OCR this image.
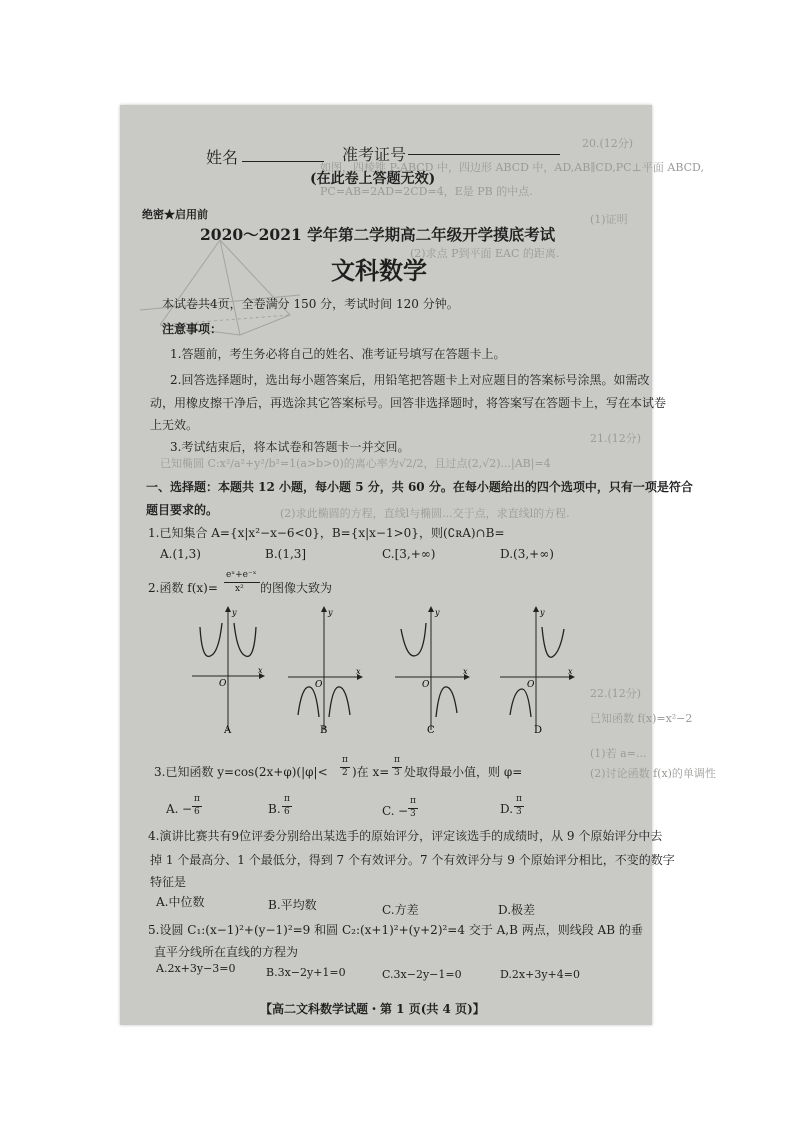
20.(12分)
如图，四棱锥 P-ABCD 中，四边形 ABCD 中，AD,AB∥CD,PC⊥平面 ABCD,
PC=AB=2AD=2CD=4，E是 PB 的中点.
(1)证明
(2)求点 P到平面 EAC 的距离.
21.(12分)
已知椭圆 C:x²/a²+y²/b²=1(a>b>0)的离心率为√2/2，且过点(2,√2)...|AB|=4
(2)求此椭圆的方程，直线l与椭圆...交于点，求直线l的方程.
22.(12分)
已知函数 f(x)=x²−2
(1)若 a=...
(2)讨论函数 f(x)的单调性
姓名	准考证号
(在此卷上答题无效)
绝密★启用前
2020～2021 学年第二学期高二年级开学摸底考试
文科数学
本试卷共4页，全卷满分 150 分，考试时间 120 分钟。
注意事项：
1.答题前，考生务必将自己的姓名、准考证号填写在答题卡上。
2.回答选择题时，选出每小题答案后，用铅笔把答题卡上对应题目的答案标号涂黑。如需改
动，用橡皮擦干净后，再选涂其它答案标号。回答非选择题时，将答案写在答题卡上，写在本试卷
上无效。
3.考试结束后，将本试卷和答题卡一并交回。
一、选择题：本题共 12 小题，每小题 5 分，共 60 分。在每小题给出的四个选项中，只有一项是符合
题目要求的。
1.已知集合 A={x|x²−x−6<0}，B={x|x−1>0}，则(∁ʀA)∩B=
A.(1,3)	B.(1,3]	C.[3,+∞)	D.(3,+∞)
2.函数 f(x)=
eˣ+e⁻ˣ
x² 的图像大致为
y
x
O
A
y
x
O
B
y
x
O
C
y
x
O
D
3.已知函数 y=cos(2x+φ)(|φ|<
π
2 )在 x=
π
3 处取得最小值，则 φ=
A. −
π
6	B.
π
6	C. −
π
3	D.
π
3
4.演讲比赛共有9位评委分别给出某选手的原始评分，评定该选手的成绩时，从 9 个原始评分中去
掉 1 个最高分、1 个最低分，得到 7 个有效评分。7 个有效评分与 9 个原始评分相比，不变的数字
特征是
A.中位数	B.平均数	C.方差	D.极差
5.设圆 C₁:(x−1)²+(y−1)²=9 和圆 C₂:(x+1)²+(y+2)²=4 交于 A,B 两点，则线段 AB 的垂
直平分线所在直线的方程为
A.2x+3y−3=0	B.3x−2y+1=0	C.3x−2y−1=0	D.2x+3y+4=0
【高二文科数学试题・第 1 页(共 4 页)】
